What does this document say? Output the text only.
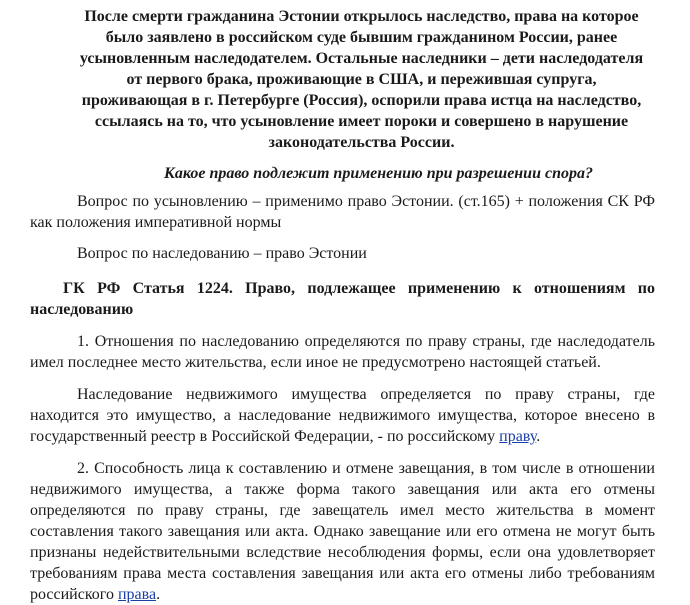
После смерти гражданина Эстонии открылось наследство, права на которое было заявлено в российском суде бывшим гражданином России, ранее усыновленным наследодателем. Остальные наследники – дети наследодателя от первого брака, проживающие в США, и пережившая супруга, проживающая в г. Петербурге (Россия), оспорили права истца на наследство, ссылаясь на то, что усыновление имеет пороки и совершено в нарушение законодательства России.

Какое право подлежит применению при разрешении спора?

Вопрос по усыновлению – применимо право Эстонии. (ст.165) + положения СК РФ как положения императивной нормы

Вопрос по наследованию – право Эстонии

ГК РФ Статья 1224. Право, подлежащее применению к отношениям по наследованию

1. Отношения по наследованию определяются по праву страны, где наследодатель имел последнее место жительства, если иное не предусмотрено настоящей статьей.

Наследование недвижимого имущества определяется по праву страны, где находится это имущество, а наследование недвижимого имущества, которое внесено в государственный реестр в Российской Федерации, - по российскому праву.

2. Способность лица к составлению и отмене завещания, в том числе в отношении недвижимого имущества, а также форма такого завещания или акта его отмены определяются по праву страны, где завещатель имел место жительства в момент составления такого завещания или акта. Однако завещание или его отмена не могут быть признаны недействительными вследствие несоблюдения формы, если она удовлетворяет требованиям права места составления завещания или акта его отмены либо требованиям российского права.
